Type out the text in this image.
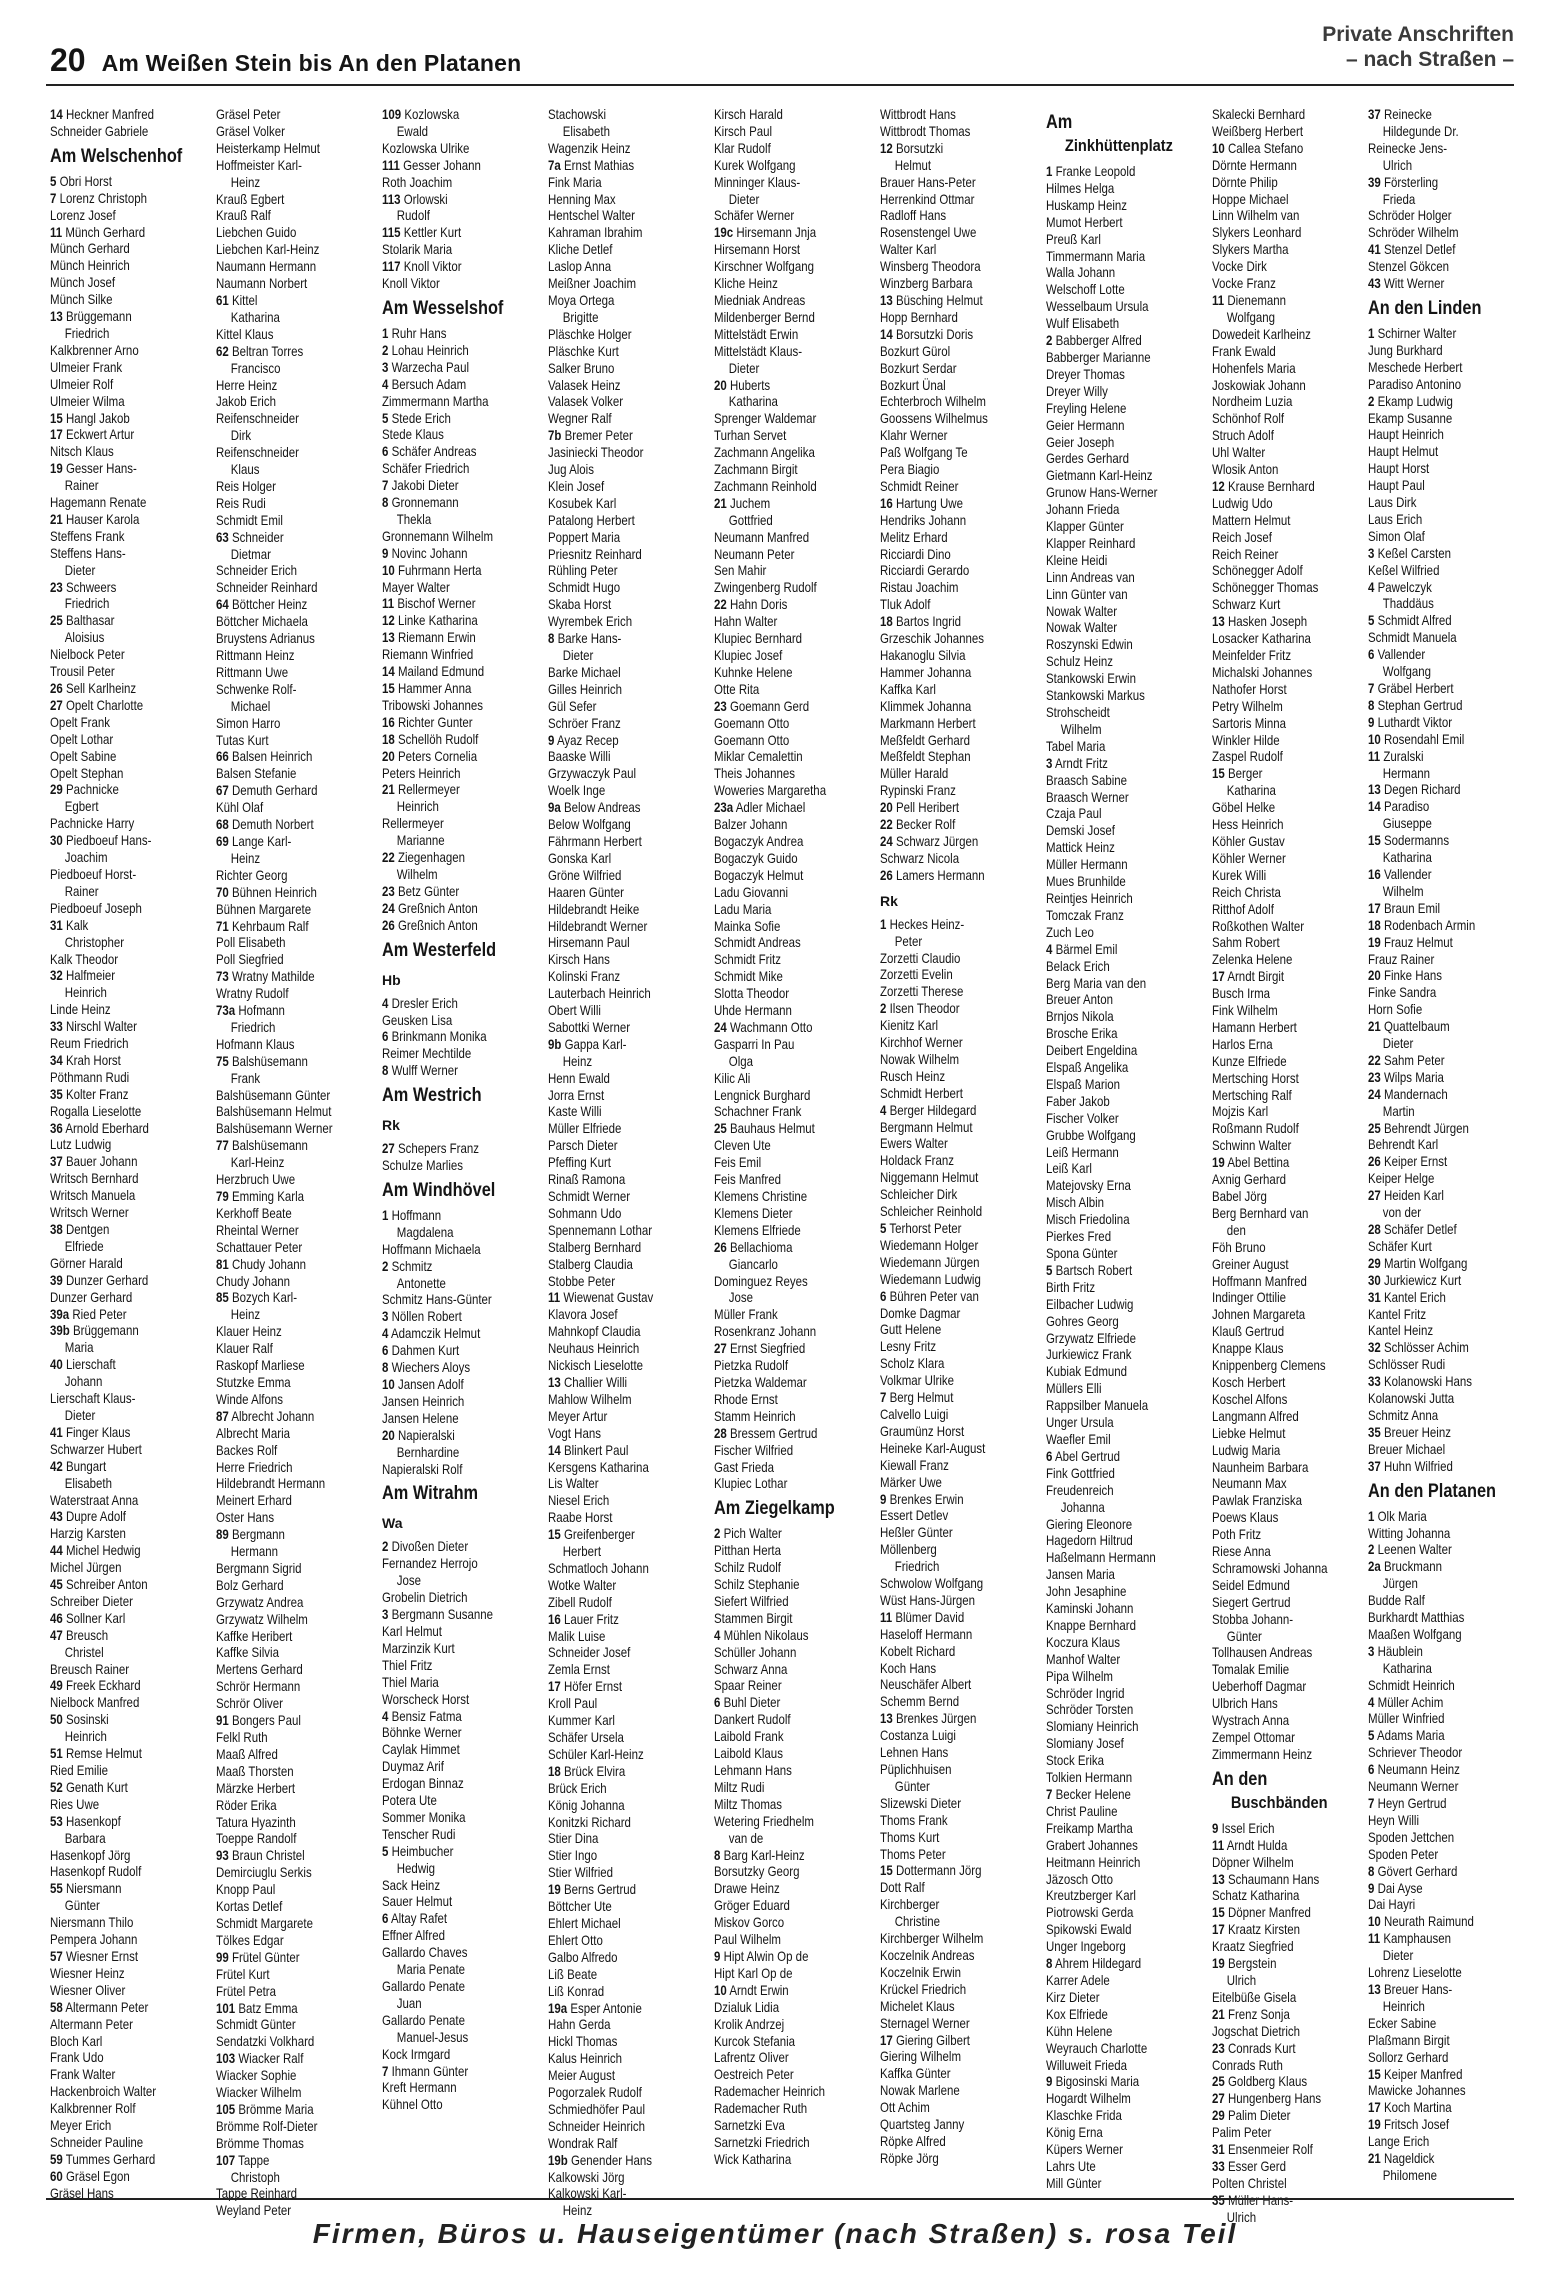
20 Am Weißen Stein bis An den Platanen
Private Anschriften
– nach Straßen –
14 Heckner Manfred
Schneider Gabriele
Am Welschenhof
5 Obri Horst
7 Lorenz Christoph
Lorenz Josef
11 Münch Gerhard
Münch Gerhard
Münch Heinrich
Münch Josef
Münch Silke
13 Brüggemann
Friedrich
Kalkbrenner Arno
Ulmeier Frank
Ulmeier Rolf
Ulmeier Wilma
15 Hangl Jakob
17 Eckwert Artur
Nitsch Klaus
19 Gesser Hans-
Rainer
Hagemann Renate
21 Hauser Karola
Steffens Frank
Steffens Hans-
Dieter
23 Schweers
Friedrich
25 Balthasar
Aloisius
Nielbock Peter
Trousil Peter
26 Sell Karlheinz
27 Opelt Charlotte
Opelt Frank
Opelt Lothar
Opelt Sabine
Opelt Stephan
29 Pachnicke
Egbert
Pachnicke Harry
30 Piedboeuf Hans-
Joachim
Piedboeuf Horst-
Rainer
Piedboeuf Joseph
31 Kalk
Christopher
Kalk Theodor
32 Halfmeier
Heinrich
Linde Heinz
33 Nirschl Walter
Reum Friedrich
34 Krah Horst
Pöthmann Rudi
35 Kolter Franz
Rogalla Lieselotte
36 Arnold Eberhard
Lutz Ludwig
37 Bauer Johann
Writsch Bernhard
Writsch Manuela
Writsch Werner
38 Dentgen
Elfriede
Görner Harald
39 Dunzer Gerhard
Dunzer Gerhard
39a Ried Peter
39b Brüggemann
Maria
40 Lierschaft
Johann
Lierschaft Klaus-
Dieter
41 Finger Klaus
Schwarzer Hubert
42 Bungart
Elisabeth
Waterstraat Anna
43 Dupre Adolf
Harzig Karsten
44 Michel Hedwig
Michel Jürgen
45 Schreiber Anton
Schreiber Dieter
46 Sollner Karl
47 Breusch
Christel
Breusch Rainer
49 Freek Eckhard
Nielbock Manfred
50 Sosinski
Heinrich
51 Remse Helmut
Ried Emilie
52 Genath Kurt
Ries Uwe
53 Hasenkopf
Barbara
Hasenkopf Jörg
Hasenkopf Rudolf
55 Niersmann
Günter
Niersmann Thilo
Pempera Johann
57 Wiesner Ernst
Wiesner Heinz
Wiesner Oliver
58 Altermann Peter
Altermann Peter
Bloch Karl
Frank Udo
Frank Walter
Hackenbroich Walter
Kalkbrenner Rolf
Meyer Erich
Schneider Pauline
59 Tummes Gerhard
60 Gräsel Egon
Gräsel Hans
Gräsel Peter
Gräsel Volker
Heisterkamp Helmut
Hoffmeister Karl-
Heinz
Krauß Egbert
Krauß Ralf
Liebchen Guido
Liebchen Karl-Heinz
Naumann Hermann
Naumann Norbert
61 Kittel
Katharina
Kittel Klaus
62 Beltran Torres
Francisco
Herre Heinz
Jakob Erich
Reifenschneider
Dirk
Reifenschneider
Klaus
Reis Holger
Reis Rudi
Schmidt Emil
63 Schneider
Dietmar
Schneider Erich
Schneider Reinhard
64 Böttcher Heinz
Böttcher Michaela
Bruystens Adrianus
Rittmann Heinz
Rittmann Uwe
Schwenke Rolf-
Michael
Simon Harro
Tutas Kurt
66 Balsen Heinrich
Balsen Stefanie
67 Demuth Gerhard
Kühl Olaf
68 Demuth Norbert
69 Lange Karl-
Heinz
Richter Georg
70 Bühnen Heinrich
Bühnen Margarete
71 Kehrbaum Ralf
Poll Elisabeth
Poll Siegfried
73 Wratny Mathilde
Wratny Rudolf
73a Hofmann
Friedrich
Hofmann Klaus
75 Balshüsemann
Frank
Balshüsemann Günter
Balshüsemann Helmut
Balshüsemann Werner
77 Balshüsemann
Karl-Heinz
Herzbruch Uwe
79 Emming Karla
Kerkhoff Beate
Rheintal Werner
Schattauer Peter
81 Chudy Johann
Chudy Johann
85 Bozych Karl-
Heinz
Klauer Heinz
Klauer Ralf
Raskopf Marliese
Stutzke Emma
Winde Alfons
87 Albrecht Johann
Albrecht Maria
Backes Rolf
Herre Friedrich
Hildebrandt Hermann
Meinert Erhard
Oster Hans
89 Bergmann
Hermann
Bergmann Sigrid
Bolz Gerhard
Grzywatz Andrea
Grzywatz Wilhelm
Kaffke Heribert
Kaffke Silvia
Mertens Gerhard
Schrör Hermann
Schrör Oliver
91 Bongers Paul
Felkl Ruth
Maaß Alfred
Maaß Thorsten
Märzke Herbert
Röder Erika
Tatura Hyazinth
Toeppe Randolf
93 Braun Christel
Demirciuglu Serkis
Knopp Paul
Kortas Detlef
Schmidt Margarete
Tölkes Edgar
99 Frütel Günter
Frütel Kurt
Frütel Petra
101 Batz Emma
Schmidt Günter
Sendatzki Volkhard
103 Wiacker Ralf
Wiacker Sophie
Wiacker Wilhelm
105 Brömme Maria
Brömme Rolf-Dieter
Brömme Thomas
107 Tappe
Christoph
Tappe Reinhard
Weyland Peter
109 Kozlowska
Ewald
Kozlowska Ulrike
111 Gesser Johann
Roth Joachim
113 Orlowski
Rudolf
115 Kettler Kurt
Stolarik Maria
117 Knoll Viktor
Knoll Viktor
Am Wesselshof
1 Ruhr Hans
2 Lohau Heinrich
3 Warzecha Paul
4 Bersuch Adam
Zimmermann Martha
5 Stede Erich
Stede Klaus
6 Schäfer Andreas
Schäfer Friedrich
7 Jakobi Dieter
8 Gronnemann
Thekla
Gronnemann Wilhelm
9 Novinc Johann
10 Fuhrmann Herta
Mayer Walter
11 Bischof Werner
12 Linke Katharina
13 Riemann Erwin
Riemann Winfried
14 Mailand Edmund
15 Hammer Anna
Tribowski Johannes
16 Richter Gunter
18 Schellöh Rudolf
20 Peters Cornelia
Peters Heinrich
21 Rellermeyer
Heinrich
Rellermeyer
Marianne
22 Ziegenhagen
Wilhelm
23 Betz Günter
24 Greßnich Anton
26 Greßnich Anton
Am Westerfeld
Hb
4 Dresler Erich
Geusken Lisa
6 Brinkmann Monika
Reimer Mechtilde
8 Wulff Werner
Am Westrich
Rk
27 Schepers Franz
Schulze Marlies
Am Windhövel
1 Hoffmann
Magdalena
Hoffmann Michaela
2 Schmitz
Antonette
Schmitz Hans-Günter
3 Nöllen Robert
4 Adamczik Helmut
6 Dahmen Kurt
8 Wiechers Aloys
10 Jansen Adolf
Jansen Heinrich
Jansen Helene
20 Napieralski
Bernhardine
Napieralski Rolf
Am Witrahm
Wa
2 Divoßen Dieter
Fernandez Herrojo
Jose
Grobelin Dietrich
3 Bergmann Susanne
Karl Helmut
Marzinzik Kurt
Thiel Fritz
Thiel Maria
Worscheck Horst
4 Bensiz Fatma
Böhnke Werner
Caylak Himmet
Duymaz Arif
Erdogan Binnaz
Potera Ute
Sommer Monika
Tenscher Rudi
5 Heimbucher
Hedwig
Sack Heinz
Sauer Helmut
6 Altay Rafet
Effner Alfred
Gallardo Chaves
Maria Penate
Gallardo Penate
Juan
Gallardo Penate
Manuel-Jesus
Kock Irmgard
7 Ihmann Günter
Kreft Hermann
Kühnel Otto
Stachowski
Elisabeth
Wagenzik Heinz
7a Ernst Mathias
Fink Maria
Henning Max
Hentschel Walter
Kahraman Ibrahim
Kliche Detlef
Laslop Anna
Meißner Joachim
Moya Ortega
Brigitte
Pläschke Holger
Pläschke Kurt
Salker Bruno
Valasek Heinz
Valasek Volker
Wegner Ralf
7b Bremer Peter
Jasiniecki Theodor
Jug Alois
Klein Josef
Kosubek Karl
Patalong Herbert
Poppert Maria
Priesnitz Reinhard
Rühling Peter
Schmidt Hugo
Skaba Horst
Wyrembek Erich
8 Barke Hans-
Dieter
Barke Michael
Gilles Heinrich
Gül Sefer
Schröer Franz
9 Ayaz Recep
Baaske Willi
Grzywaczyk Paul
Woelk Inge
9a Below Andreas
Below Wolfgang
Fährmann Herbert
Gonska Karl
Gröne Wilfried
Haaren Günter
Hildebrandt Heike
Hildebrandt Werner
Hirsemann Paul
Kirsch Hans
Kolinski Franz
Lauterbach Heinrich
Obert Willi
Sabottki Werner
9b Gappa Karl-
Heinz
Henn Ewald
Jorra Ernst
Kaste Willi
Müller Elfriede
Parsch Dieter
Pfeffing Kurt
Rinaß Ramona
Schmidt Werner
Sohmann Udo
Spennemann Lothar
Stalberg Bernhard
Stalberg Claudia
Stobbe Peter
11 Wiewenat Gustav
Klavora Josef
Mahnkopf Claudia
Neuhaus Heinrich
Nickisch Lieselotte
13 Challier Willi
Mahlow Wilhelm
Meyer Artur
Vogt Hans
14 Blinkert Paul
Kersgens Katharina
Lis Walter
Niesel Erich
Raabe Horst
15 Greifenberger
Herbert
Schmatloch Johann
Wotke Walter
Zibell Rudolf
16 Lauer Fritz
Malik Luise
Schneider Josef
Zemla Ernst
17 Höfer Ernst
Kroll Paul
Kummer Karl
Schäfer Ursela
Schüler Karl-Heinz
18 Brück Elvira
Brück Erich
König Johanna
Konitzki Richard
Stier Dina
Stier Ingo
Stier Wilfried
19 Berns Gertrud
Böttcher Ute
Ehlert Michael
Ehlert Otto
Galbo Alfredo
Liß Beate
Liß Konrad
19a Esper Antonie
Hahn Gerda
Hickl Thomas
Kalus Heinrich
Meier August
Pogorzalek Rudolf
Schmiedhöfer Paul
Schneider Heinrich
Wondrak Ralf
19b Genender Hans
Kalkowski Jörg
Kalkowski Karl-
Heinz
Kirsch Harald
Kirsch Paul
Klar Rudolf
Kurek Wolfgang
Minninger Klaus-
Dieter
Schäfer Werner
19c Hirsemann Jnja
Hirsemann Horst
Kirschner Wolfgang
Kliche Heinz
Miedniak Andreas
Mildenberger Bernd
Mittelstädt Erwin
Mittelstädt Klaus-
Dieter
20 Huberts
Katharina
Sprenger Waldemar
Turhan Servet
Zachmann Angelika
Zachmann Birgit
Zachmann Reinhold
21 Juchem
Gottfried
Neumann Manfred
Neumann Peter
Sen Mahir
Zwingenberg Rudolf
22 Hahn Doris
Hahn Walter
Klupiec Bernhard
Klupiec Josef
Kuhnke Helene
Otte Rita
23 Goemann Gerd
Goemann Otto
Goemann Otto
Miklar Cemalettin
Theis Johannes
Woweries Margaretha
23a Adler Michael
Balzer Johann
Bogaczyk Andrea
Bogaczyk Guido
Bogaczyk Helmut
Ladu Giovanni
Ladu Maria
Mainka Sofie
Schmidt Andreas
Schmidt Fritz
Schmidt Mike
Slotta Theodor
Uhde Hermann
24 Wachmann Otto
Gasparri In Pau
Olga
Kilic Ali
Lengnick Burghard
Schachner Frank
25 Bauhaus Helmut
Cleven Ute
Feis Emil
Feis Manfred
Klemens Christine
Klemens Dieter
Klemens Elfriede
26 Bellachioma
Giancarlo
Dominguez Reyes
Jose
Müller Frank
Rosenkranz Johann
27 Ernst Siegfried
Pietzka Rudolf
Pietzka Waldemar
Rhode Ernst
Stamm Heinrich
28 Bressem Gertrud
Fischer Wilfried
Gast Frieda
Klupiec Lothar
Am Ziegelkamp
2 Pich Walter
Pitthan Herta
Schilz Rudolf
Schilz Stephanie
Siefert Wilfried
Stammen Birgit
4 Mühlen Nikolaus
Schüller Johann
Schwarz Anna
Spaar Reiner
6 Buhl Dieter
Dankert Rudolf
Laibold Frank
Laibold Klaus
Lehmann Hans
Miltz Rudi
Miltz Thomas
Wetering Friedhelm
van de
8 Barg Karl-Heinz
Borsutzky Georg
Drawe Heinz
Gröger Eduard
Miskov Gorco
Paul Wilhelm
9 Hipt Alwin Op de
Hipt Karl Op de
10 Arndt Erwin
Dzialuk Lidia
Krolik Andrzej
Kurcok Stefania
Lafrentz Oliver
Oestreich Peter
Rademacher Heinrich
Rademacher Ruth
Sarnetzki Eva
Sarnetzki Friedrich
Wick Katharina
Wittbrodt Hans
Wittbrodt Thomas
12 Borsutzki
Helmut
Brauer Hans-Peter
Herrenkind Ottmar
Radloff Hans
Rosenstengel Uwe
Walter Karl
Winsberg Theodora
Winzberg Barbara
13 Büsching Helmut
Hopp Bernhard
14 Borsutzki Doris
Bozkurt Gürol
Bozkurt Serdar
Bozkurt Ünal
Echterbroch Wilhelm
Goossens Wilhelmus
Klahr Werner
Paß Wolfgang Te
Pera Biagio
Schmidt Reiner
16 Hartung Uwe
Hendriks Johann
Melitz Erhard
Ricciardi Dino
Ricciardi Gerardo
Ristau Joachim
Tluk Adolf
18 Bartos Ingrid
Grzeschik Johannes
Hakanoglu Silvia
Hammer Johanna
Kaffka Karl
Klimmek Johanna
Markmann Herbert
Meßfeldt Gerhard
Meßfeldt Stephan
Müller Harald
Rypinski Franz
20 Pell Heribert
22 Becker Rolf
24 Schwarz Jürgen
Schwarz Nicola
26 Lamers Hermann
Rk
1 Heckes Heinz-
Peter
Zorzetti Claudio
Zorzetti Evelin
Zorzetti Therese
2 Ilsen Theodor
Kienitz Karl
Kirchhof Werner
Nowak Wilhelm
Rusch Heinz
Schmidt Herbert
4 Berger Hildegard
Bergmann Helmut
Ewers Walter
Holdack Franz
Niggemann Helmut
Schleicher Dirk
Schleicher Reinhold
5 Terhorst Peter
Wiedemann Holger
Wiedemann Jürgen
Wiedemann Ludwig
6 Bühren Peter van
Domke Dagmar
Gutt Helene
Lesny Fritz
Scholz Klara
Volkmar Ulrike
7 Berg Helmut
Calvello Luigi
Graumünz Horst
Heineke Karl-August
Kiewall Franz
Märker Uwe
9 Brenkes Erwin
Essert Detlev
Heßler Günter
Möllenberg
Friedrich
Schwolow Wolfgang
Wüst Hans-Jürgen
11 Blümer David
Haseloff Hermann
Kobelt Richard
Koch Hans
Neuschäfer Albert
Schemm Bernd
13 Brenkes Jürgen
Costanza Luigi
Lehnen Hans
Püplichhuisen
Günter
Slizewski Dieter
Thoms Frank
Thoms Kurt
Thoms Peter
15 Dottermann Jörg
Dott Ralf
Kirchberger
Christine
Kirchberger Wilhelm
Koczelnik Andreas
Koczelnik Erwin
Krückel Friedrich
Michelet Klaus
Sternagel Werner
17 Giering Gilbert
Giering Wilhelm
Kaffka Günter
Nowak Marlene
Ott Achim
Quartsteg Janny
Röpke Alfred
Röpke Jörg
Am
Zinkhüttenplatz
1 Franke Leopold
Hilmes Helga
Huskamp Heinz
Mumot Herbert
Preuß Karl
Timmermann Maria
Walla Johann
Welschoff Lotte
Wesselbaum Ursula
Wulf Elisabeth
2 Babberger Alfred
Babberger Marianne
Dreyer Thomas
Dreyer Willy
Freyling Helene
Geier Hermann
Geier Joseph
Gerdes Gerhard
Gietmann Karl-Heinz
Grunow Hans-Werner
Johann Frieda
Klapper Günter
Klapper Reinhard
Kleine Heidi
Linn Andreas van
Linn Günter van
Nowak Walter
Nowak Walter
Roszynski Edwin
Schulz Heinz
Stankowski Erwin
Stankowski Markus
Strohscheidt
Wilhelm
Tabel Maria
3 Arndt Fritz
Braasch Sabine
Braasch Werner
Czaja Paul
Demski Josef
Mattick Heinz
Müller Hermann
Mues Brunhilde
Reintjes Heinrich
Tomczak Franz
Zuch Leo
4 Bärmel Emil
Belack Erich
Berg Maria van den
Breuer Anton
Brnjos Nikola
Brosche Erika
Deibert Engeldina
Elspaß Angelika
Elspaß Marion
Faber Jakob
Fischer Volker
Grubbe Wolfgang
Leiß Hermann
Leiß Karl
Matejovsky Erna
Misch Albin
Misch Friedolina
Pierkes Fred
Spona Günter
5 Bartsch Robert
Birth Fritz
Eilbacher Ludwig
Gohres Georg
Grzywatz Elfriede
Jurkiewicz Frank
Kubiak Edmund
Müllers Elli
Rappsilber Manuela
Unger Ursula
Waefler Emil
6 Abel Gertrud
Fink Gottfried
Freudenreich
Johanna
Giering Eleonore
Hagedorn Hiltrud
Haßelmann Hermann
Jansen Maria
John Jesaphine
Kaminski Johann
Knappe Bernhard
Koczura Klaus
Manhof Walter
Pipa Wilhelm
Schröder Ingrid
Schröder Torsten
Slomiany Heinrich
Slomiany Josef
Stock Erika
Tolkien Hermann
7 Becker Helene
Christ Pauline
Freikamp Martha
Grabert Johannes
Heitmann Heinrich
Jäzosch Otto
Kreutzberger Karl
Piotrowski Gerda
Spikowski Ewald
Unger Ingeborg
8 Ahrem Hildegard
Karrer Adele
Kirz Dieter
Kox Elfriede
Kühn Helene
Weyrauch Charlotte
Willuweit Frieda
9 Bigosinski Maria
Hogardt Wilhelm
Klaschke Frida
König Erna
Küpers Werner
Lahrs Ute
Mill Günter
Skalecki Bernhard
Weißberg Herbert
10 Callea Stefano
Dörnte Hermann
Dörnte Philip
Hoppe Michael
Linn Wilhelm van
Slykers Leonhard
Slykers Martha
Vocke Dirk
Vocke Franz
11 Dienemann
Wolfgang
Dowedeit Karlheinz
Frank Ewald
Hohenfels Maria
Joskowiak Johann
Nordheim Luzia
Schönhof Rolf
Struch Adolf
Uhl Walter
Wlosik Anton
12 Krause Bernhard
Ludwig Udo
Mattern Helmut
Reich Josef
Reich Reiner
Schönegger Adolf
Schönegger Thomas
Schwarz Kurt
13 Hasken Joseph
Losacker Katharina
Meinfelder Fritz
Michalski Johannes
Nathofer Horst
Petry Wilhelm
Sartoris Minna
Winkler Hilde
Zaspel Rudolf
15 Berger
Katharina
Göbel Helke
Hess Heinrich
Köhler Gustav
Köhler Werner
Kurek Willi
Reich Christa
Ritthof Adolf
Roßkothen Walter
Sahm Robert
Zelenka Helene
17 Arndt Birgit
Busch Irma
Fink Wilhelm
Hamann Herbert
Harlos Erna
Kunze Elfriede
Mertsching Horst
Mertsching Ralf
Mojzis Karl
Roßmann Rudolf
Schwinn Walter
19 Abel Bettina
Axnig Gerhard
Babel Jörg
Berg Bernhard van
den
Föh Bruno
Greiner August
Hoffmann Manfred
Indinger Ottilie
Johnen Margareta
Klauß Gertrud
Knappe Klaus
Knippenberg Clemens
Kosch Herbert
Koschel Alfons
Langmann Alfred
Liebke Helmut
Ludwig Maria
Naunheim Barbara
Neumann Max
Pawlak Franziska
Poews Klaus
Poth Fritz
Riese Anna
Schramowski Johanna
Seidel Edmund
Siegert Gertrud
Stobba Johann-
Günter
Tollhausen Andreas
Tomalak Emilie
Ueberhoff Dagmar
Ulbrich Hans
Wystrach Anna
Zempel Ottomar
Zimmermann Heinz
An den
Buschbänden
9 Issel Erich
11 Arndt Hulda
Döpner Wilhelm
13 Schaumann Hans
Schatz Katharina
15 Döpner Manfred
17 Kraatz Kirsten
Kraatz Siegfried
19 Bergstein
Ulrich
Eitelbüße Gisela
21 Frenz Sonja
Jogschat Dietrich
23 Conrads Kurt
Conrads Ruth
25 Goldberg Klaus
27 Hungenberg Hans
29 Palim Dieter
Palim Peter
31 Ensenmeier Rolf
33 Esser Gerd
Polten Christel
35 Müller Hans-
Ulrich
37 Reinecke
Hildegunde Dr.
Reinecke Jens-
Ulrich
39 Försterling
Frieda
Schröder Holger
Schröder Wilhelm
41 Stenzel Detlef
Stenzel Gökcen
43 Witt Werner
An den Linden
1 Schirner Walter
Jung Burkhard
Meschede Herbert
Paradiso Antonino
2 Ekamp Ludwig
Ekamp Susanne
Haupt Heinrich
Haupt Helmut
Haupt Horst
Haupt Paul
Laus Dirk
Laus Erich
Simon Olaf
3 Keßel Carsten
Keßel Wilfried
4 Pawelczyk
Thaddäus
5 Schmidt Alfred
Schmidt Manuela
6 Vallender
Wolfgang
7 Gräbel Herbert
8 Stephan Gertrud
9 Luthardt Viktor
10 Rosendahl Emil
11 Zuralski
Hermann
13 Degen Richard
14 Paradiso
Giuseppe
15 Sodermanns
Katharina
16 Vallender
Wilhelm
17 Braun Emil
18 Rodenbach Armin
19 Frauz Helmut
Frauz Rainer
20 Finke Hans
Finke Sandra
Horn Sofie
21 Quattelbaum
Dieter
22 Sahm Peter
23 Wilps Maria
24 Mandernach
Martin
25 Behrendt Jürgen
Behrendt Karl
26 Keiper Ernst
Keiper Helge
27 Heiden Karl
von der
28 Schäfer Detlef
Schäfer Kurt
29 Martin Wolfgang
30 Jurkiewicz Kurt
31 Kantel Erich
Kantel Fritz
Kantel Heinz
32 Schlösser Achim
Schlösser Rudi
33 Kolanowski Hans
Kolanowski Jutta
Schmitz Anna
35 Breuer Heinz
Breuer Michael
37 Huhn Wilfried
An den Platanen
1 Olk Maria
Witting Johanna
2 Leenen Walter
2a Bruckmann
Jürgen
Budde Ralf
Burkhardt Matthias
Maaßen Wolfgang
3 Häublein
Katharina
Schmidt Heinrich
4 Müller Achim
Müller Winfried
5 Adams Maria
Schriever Theodor
6 Neumann Heinz
Neumann Werner
7 Heyn Gertrud
Heyn Willi
Spoden Jettchen
Spoden Peter
8 Gövert Gerhard
9 Dai Ayse
Dai Hayri
10 Neurath Raimund
11 Kamphausen
Dieter
Lohrenz Lieselotte
13 Breuer Hans-
Heinrich
Ecker Sabine
Plaßmann Birgit
Sollorz Gerhard
15 Keiper Manfred
Mawicke Johannes
17 Koch Martina
19 Fritsch Josef
Lange Erich
21 Nageldick
Philomene
Firmen, Büros u. Hauseigentümer (nach Straßen) s. rosa Teil
